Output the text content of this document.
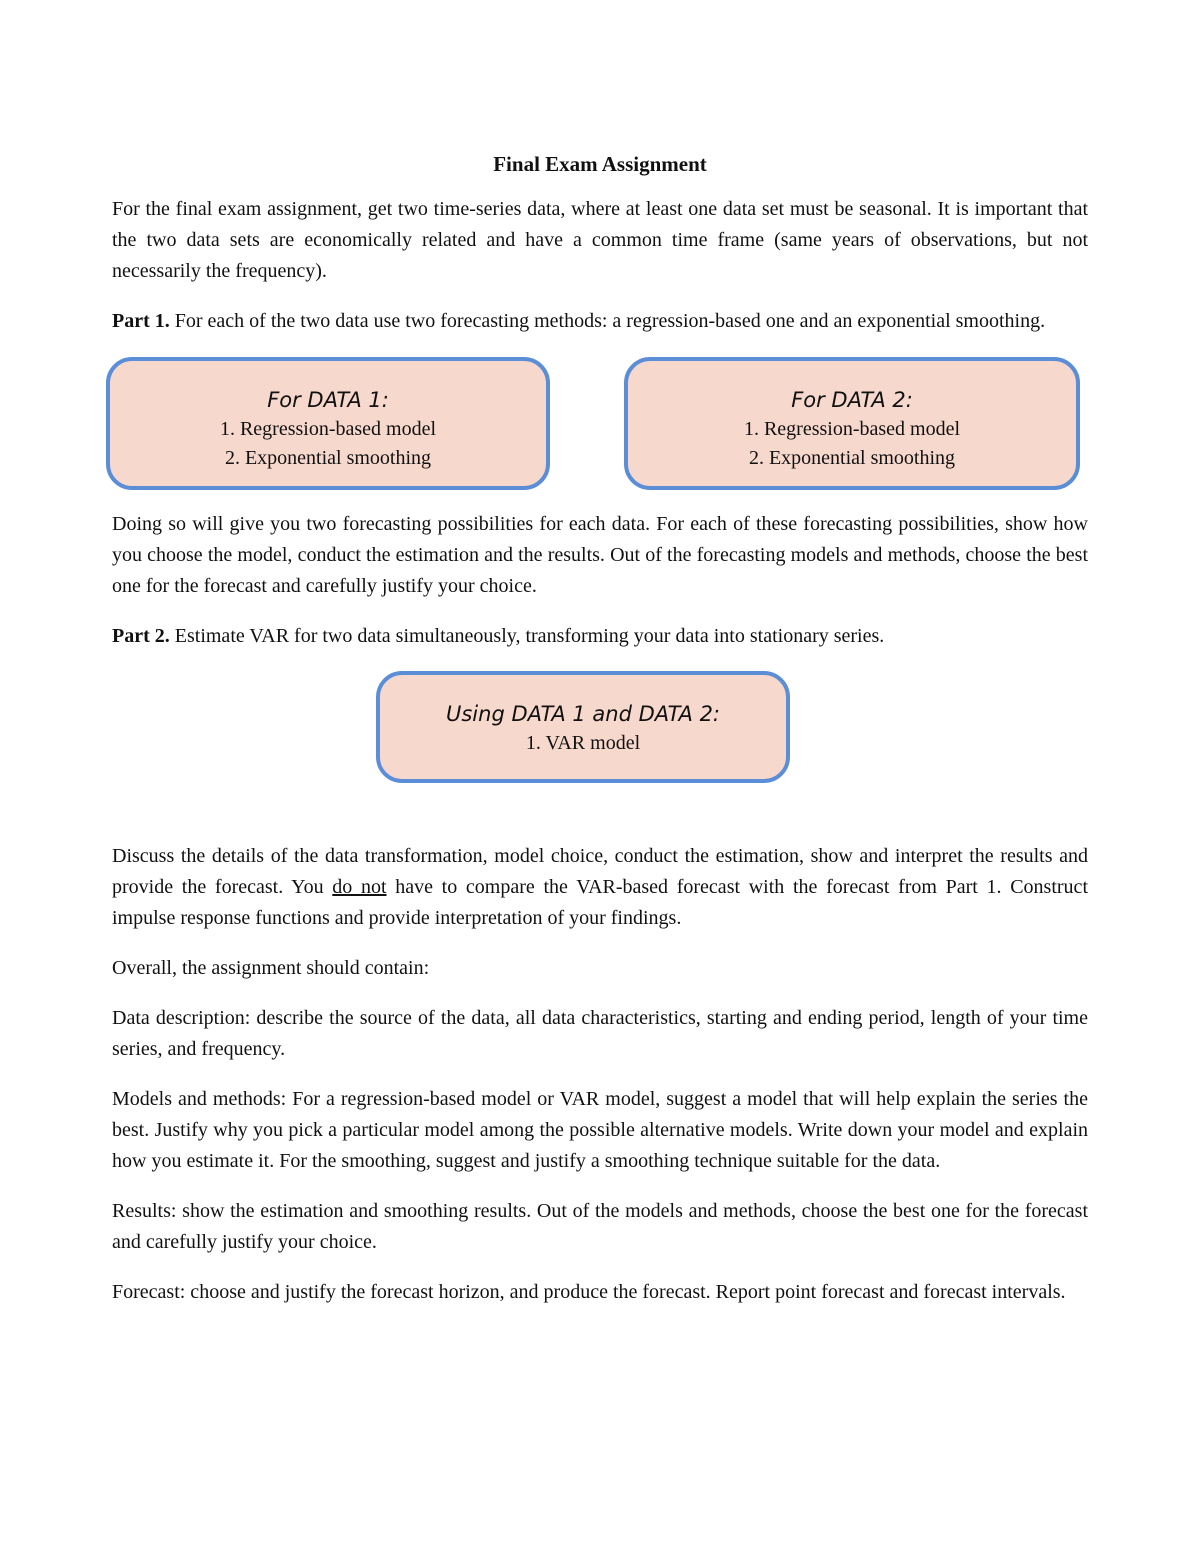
Final Exam Assignment

For the final exam assignment, get two time-series data, where at least one data set must be seasonal. It is important that the two data sets are economically related and have a common time frame (same years of observations, but not necessarily the frequency).

Part 1. For each of the two data use two forecasting methods: a regression-based one and an exponential smoothing.

For DATA 1:
1. Regression-based model
2. Exponential smoothing
For DATA 2:
1. Regression-based model
2. Exponential smoothing

Doing so will give you two forecasting possibilities for each data. For each of these forecasting possibilities, show how you choose the model, conduct the estimation and the results. Out of the forecasting models and methods, choose the best one for the forecast and carefully justify your choice.

Part 2. Estimate VAR for two data simultaneously, transforming your data into stationary series.

Using DATA 1 and DATA 2:
1. VAR model

Discuss the details of the data transformation, model choice, conduct the estimation, show and interpret the results and provide the forecast. You do not have to compare the VAR-based forecast with the forecast from Part 1. Construct impulse response functions and provide interpretation of your findings.

Overall, the assignment should contain:

Data description: describe the source of the data, all data characteristics, starting and ending period, length of your time series, and frequency.

Models and methods: For a regression-based model or VAR model, suggest a model that will help explain the series the best. Justify why you pick a particular model among the possible alternative models. Write down your model and explain how you estimate it. For the smoothing, suggest and justify a smoothing technique suitable for the data.

Results: show the estimation and smoothing results. Out of the models and methods, choose the best one for the forecast and carefully justify your choice.

Forecast: choose and justify the forecast horizon, and produce the forecast. Report point forecast and forecast intervals.
